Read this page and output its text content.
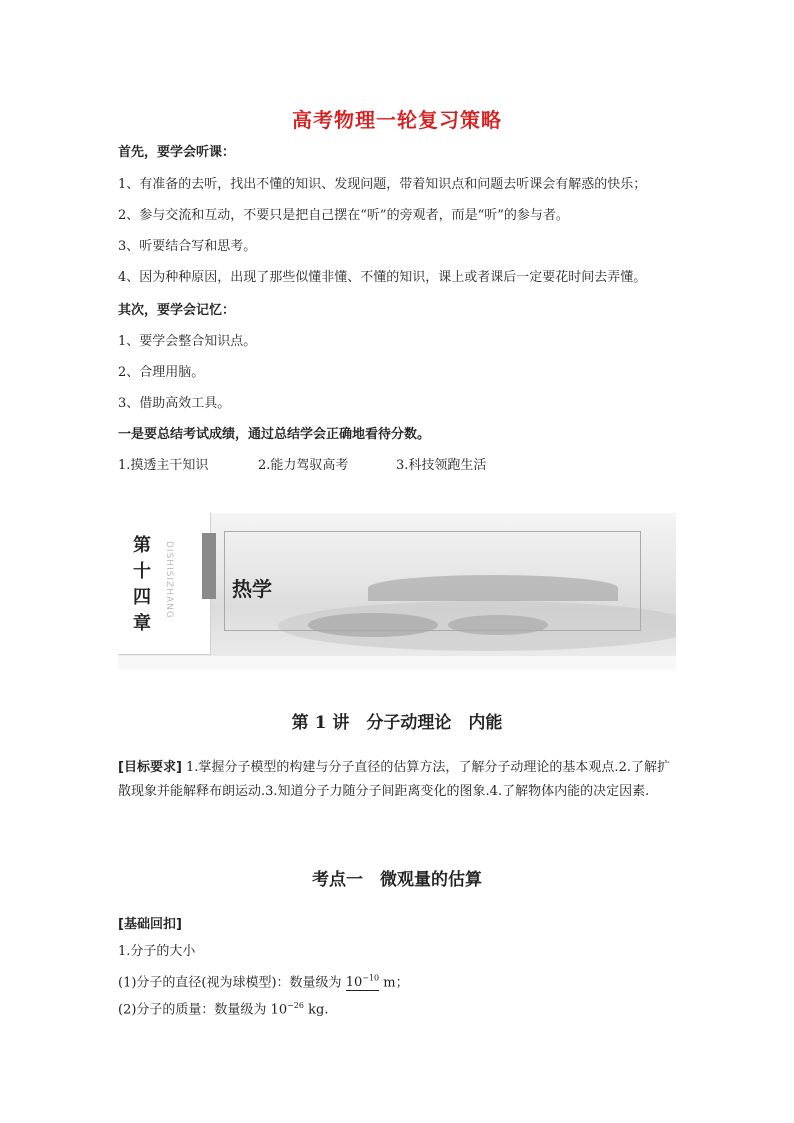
高考物理一轮复习策略
首先，要学会听课：
1、有准备的去听，找出不懂的知识、发现问题，带着知识点和问题去听课会有解惑的快乐；
2、参与交流和互动，不要只是把自己摆在“听”的旁观者，而是“听”的参与者。
3、听要结合写和思考。
4、因为种种原因，出现了那些似懂非懂、不懂的知识，课上或者课后一定要花时间去弄懂。
其次，要学会记忆：
1、要学会整合知识点。
2、合理用脑。
3、借助高效工具。
一是要总结考试成绩，通过总结学会正确地看待分数。
1.摸透主干知识	2.能力驾驭高考	3.科技领跑生活
第
十
四
章
DISHISIZHANG	热学
第 1 讲　分子动理论　内能
[目标要求] 1.掌握分子模型的构建与分子直径的估算方法，了解分子动理论的基本观点.2.了解扩散现象并能解释布朗运动.3.知道分子力随分子间距离变化的图象.4.了解物体内能的决定因素.
考点一　微观量的估算
[基础回扣]
1.分子的大小
(1)分子的直径(视为球模型)：数量级为 $10^{-10}$ m；
(2)分子的质量：数量级为 $10^{-26}$ kg.
